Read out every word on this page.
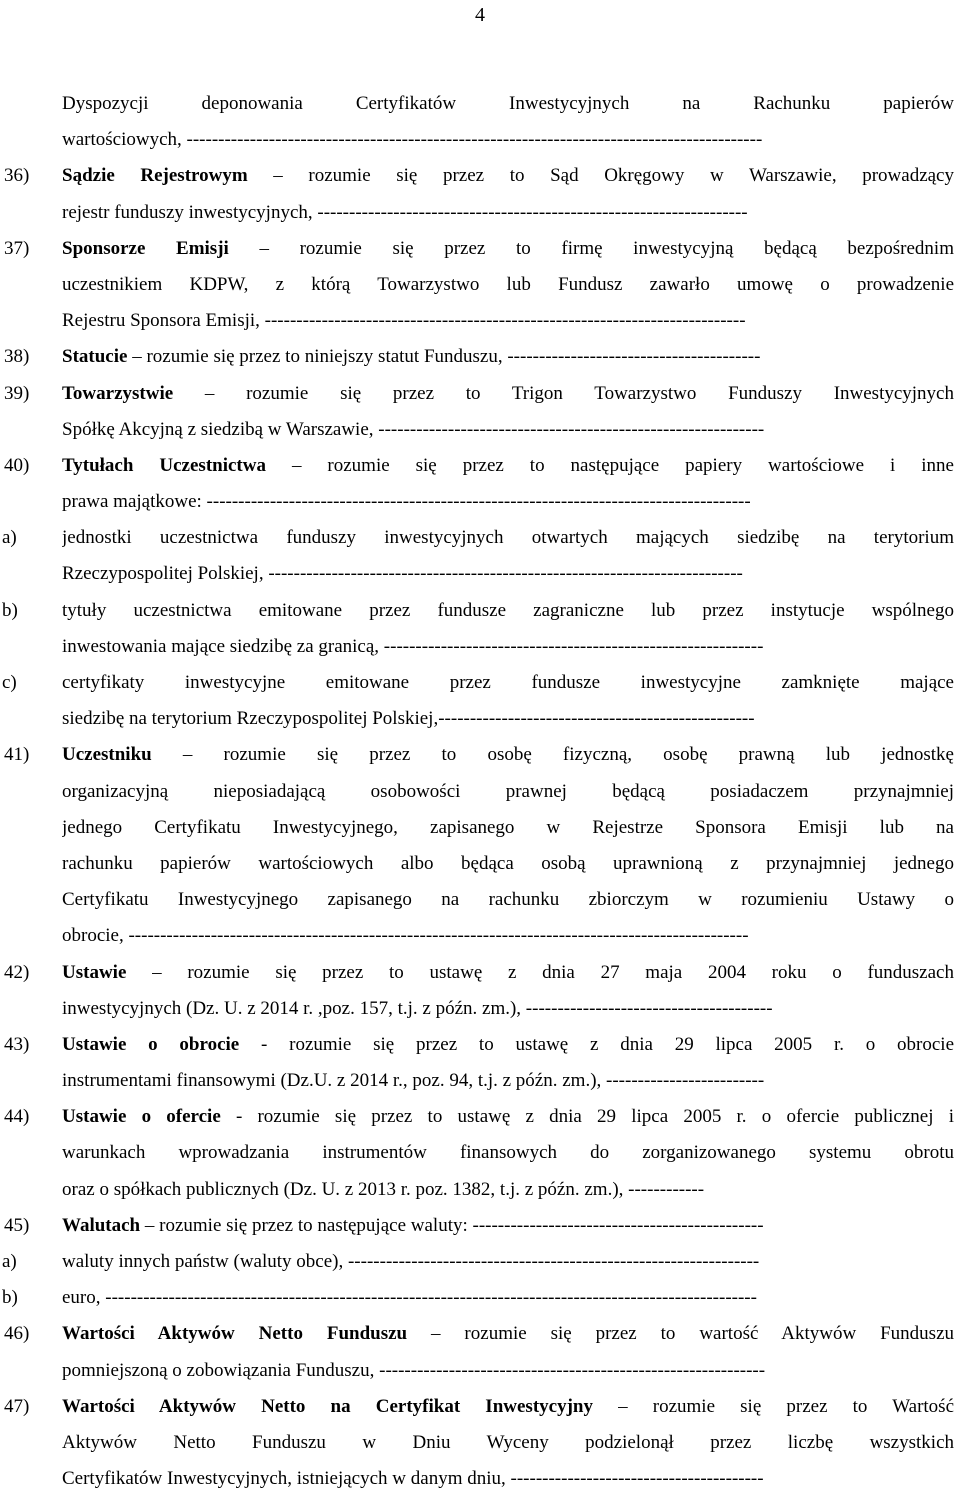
4
Dyspozycji deponowania Certyfikatów Inwestycyjnych na Rachunku papierów
wartościowych, -------------------------------------------------------------------------------------------
36) Sądzie Rejestrowym – rozumie się przez to Sąd Okręgowy w Warszawie, prowadzący
rejestr funduszy inwestycyjnych, --------------------------------------------------------------------
37) Sponsorze Emisji – rozumie się przez to firmę inwestycyjną będącą bezpośrednim
uczestnikiem KDPW, z którą Towarzystwo lub Fundusz zawarło umowę o prowadzenie
Rejestru Sponsora Emisji, ----------------------------------------------------------------------------
38) Statucie – rozumie się przez to niniejszy statut Funduszu, ----------------------------------------
39) Towarzystwie – rozumie się przez to Trigon Towarzystwo Funduszy Inwestycyjnych
Spółkę Akcyjną z siedzibą w Warszawie, -------------------------------------------------------------
40) Tytułach Uczestnictwa – rozumie się przez to następujące papiery wartościowe i inne
prawa majątkowe: --------------------------------------------------------------------------------------
a) jednostki uczestnictwa funduszy inwestycyjnych otwartych mających siedzibę na terytorium
Rzeczypospolitej Polskiej, ---------------------------------------------------------------------------
b) tytuły uczestnictwa emitowane przez fundusze zagraniczne lub przez instytucje wspólnego
inwestowania mające siedzibę za granicą, ------------------------------------------------------------
c) certyfikaty inwestycyjne emitowane przez fundusze inwestycyjne zamknięte mające
siedzibę na terytorium Rzeczypospolitej Polskiej,--------------------------------------------------
41) Uczestniku – rozumie się przez to osobę fizyczną, osobę prawną lub jednostkę
organizacyjną nieposiadającą osobowości prawnej będącą posiadaczem przynajmniej
jednego Certyfikatu Inwestycyjnego, zapisanego w Rejestrze Sponsora Emisji lub na
rachunku papierów wartościowych albo będąca osobą uprawnioną z przynajmniej jednego
Certyfikatu Inwestycyjnego zapisanego na rachunku zbiorczym w rozumieniu Ustawy o
obrocie, --------------------------------------------------------------------------------------------------
42) Ustawie – rozumie się przez to ustawę z dnia 27 maja 2004 roku o funduszach
inwestycyjnych (Dz. U. z 2014 r. ,poz. 157, t.j. z późn. zm.), ---------------------------------------
43) Ustawie o obrocie - rozumie się przez to ustawę z dnia 29 lipca 2005 r. o obrocie
instrumentami finansowymi (Dz.U. z 2014 r., poz. 94, t.j. z późn. zm.), -------------------------
44) Ustawie o ofercie - rozumie się przez to ustawę z dnia 29 lipca 2005 r. o ofercie publicznej i
warunkach wprowadzania instrumentów finansowych do zorganizowanego systemu obrotu
oraz o spółkach publicznych (Dz. U. z 2013 r. poz. 1382, t.j. z późn. zm.), ------------
45) Walutach – rozumie się przez to następujące waluty: ----------------------------------------------
a) waluty innych państw (waluty obce), -----------------------------------------------------------------
b) euro, -------------------------------------------------------------------------------------------------------
46) Wartości Aktywów Netto Funduszu – rozumie się przez to wartość Aktywów Funduszu
pomniejszoną o zobowiązania Funduszu, -------------------------------------------------------------
47) Wartości Aktywów Netto na Certyfikat Inwestycyjny – rozumie się przez to Wartość
Aktywów Netto Funduszu w Dniu Wyceny podzielonął przez liczbę wszystkich
Certyfikatów Inwestycyjnych, istniejących w danym dniu, ----------------------------------------
